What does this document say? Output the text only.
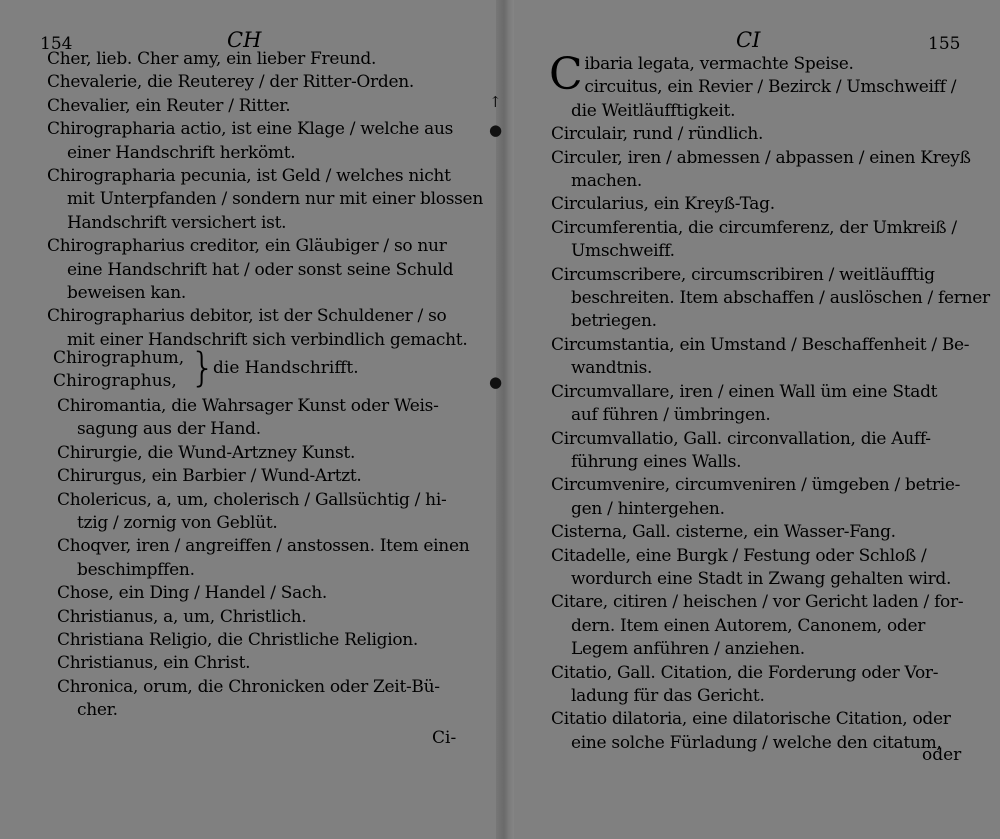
↑
●
●
154	CH
Cher, lieb. Cher amy, ein lieber Freund.
Chevalerie, die Reuterey / der Ritter-Orden.
Chevalier, ein Reuter / Ritter.
Chirographaria actio, ist eine Klage / welche aus
einer Handschrift herkömt.
Chirographaria pecunia, ist Geld / welches nicht
mit Unterpfanden / sondern nur mit einer blossen
Handschrift versichert ist.
Chirographarius creditor, ein Gläubiger / so nur
eine Handschrift hat / oder sonst seine Schuld
beweisen kan.
Chirographarius debitor, ist der Schuldener / so
mit einer Handschrift sich verbindlich gemacht.
Chirographum,
Chirographus, }
die Handschrifft.
Chiromantia, die Wahrsager Kunst oder Weis-
sagung aus der Hand.
Chirurgie, die Wund-Artzney Kunst.
Chirurgus, ein Barbier / Wund-Artzt.
Cholericus, a, um, cholerisch / Gallsüchtig / hi-
tzig / zornig von Geblüt.
Choqver, iren / angreiffen / anstossen. Item einen
beschimpffen.
Chose, ein Ding / Handel / Sach.
Christianus, a, um, Christlich.
Christiana Religio, die Christliche Religion.
Christianus, ein Christ.
Chronica, orum, die Chronicken oder Zeit-Bü-
cher.
Ci-
CI	155
C ibaria legata, vermachte Speise.
circuitus, ein Revier / Bezirck / Umschweiff /
die Weitläufftigkeit.
Circulair, rund / ründlich.
Circuler, iren / abmessen / abpassen / einen Kreyß
machen.
Circularius, ein Kreyß-Tag.
Circumferentia, die circumferenz, der Umkreiß /
Umschweiff.
Circumscribere, circumscribiren / weitläufftig
beschreiten. Item abschaffen / auslöschen / ferner
betriegen.
Circumstantia, ein Umstand / Beschaffenheit / Be-
wandtnis.
Circumvallare, iren / einen Wall üm eine Stadt
auf führen / ümbringen.
Circumvallatio, Gall. circonvallation, die Auff-
führung eines Walls.
Circumvenire, circumveniren / ümgeben / betrie-
gen / hintergehen.
Cisterna, Gall. cisterne, ein Wasser-Fang.
Citadelle, eine Burgk / Festung oder Schloß /
wordurch eine Stadt in Zwang gehalten wird.
Citare, citiren / heischen / vor Gericht laden / for-
dern. Item einen Autorem, Canonem, oder
Legem anführen / anziehen.
Citatio, Gall. Citation, die Forderung oder Vor-
ladung für das Gericht.
Citatio dilatoria, eine dilatorische Citation, oder
eine solche Fürladung / welche den citatum,
oder
